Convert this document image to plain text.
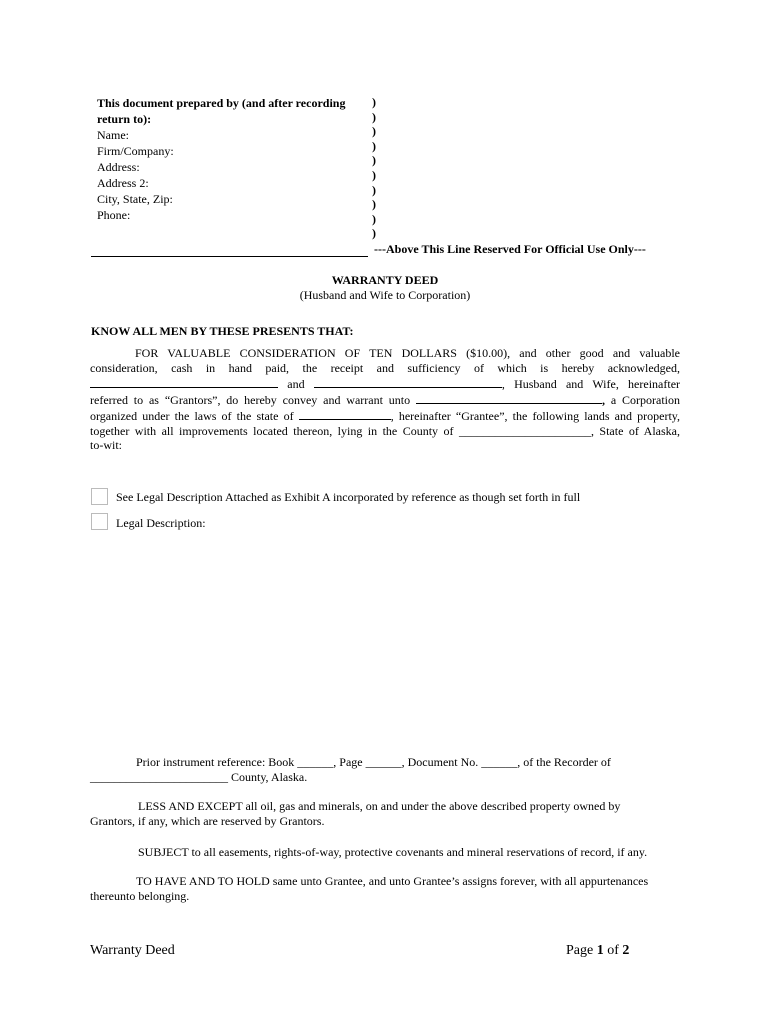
This document prepared by (and after recording
return to):
Name:
Firm/Company:
Address:
Address 2:
City, State, Zip:
Phone:
)
)
)
)
)
)
)
)
)
)
---Above This Line Reserved For Official Use Only---
WARRANTY DEED
(Husband and Wife to Corporation)
KNOW ALL MEN BY THESE PRESENTS THAT:
FOR VALUABLE CONSIDERATION OF TEN DOLLARS ($10.00), and other good and valuable
consideration, cash in hand paid, the receipt and sufficiency of which is hereby acknowledged,
and	, Husband and Wife, hereinafter
referred to as “Grantors”, do hereby convey and warrant unto	, a Corporation
organized under the laws of the state of	, hereinafter “Grantee”, the following lands and property,
together with all improvements located thereon, lying in the County of ______________________, State of Alaska,
to-wit:
See Legal Description Attached as Exhibit A incorporated by reference as though set forth in full
Legal Description:
Prior instrument reference: Book ______, Page ______, Document No. ______, of the Recorder of
_______________________ County, Alaska.
LESS AND EXCEPT all oil, gas and minerals, on and under the above described property owned by
Grantors, if any, which are reserved by Grantors.
SUBJECT to all easements, rights-of-way, protective covenants and mineral reservations of record, if any.
TO HAVE AND TO HOLD same unto Grantee, and unto Grantee’s assigns forever, with all appurtenances
thereunto belonging.
Warranty Deed	Page 1 of 2
